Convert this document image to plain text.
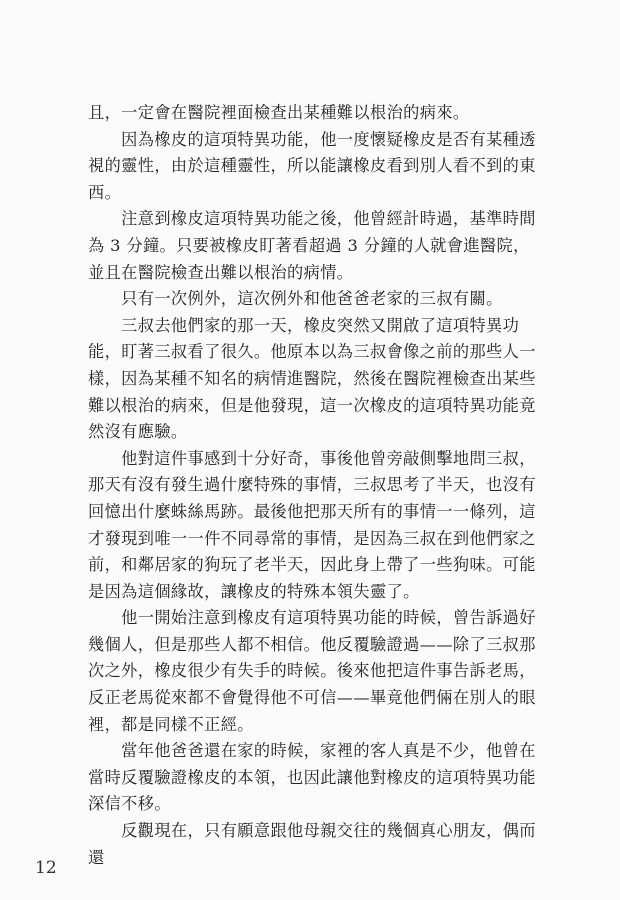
且，一定會在醫院裡面檢查出某種難以根治的病來。

　　因為橡皮的這項特異功能，他一度懷疑橡皮是否有某種透視的靈性，由於這種靈性，所以能讓橡皮看到別人看不到的東西。

　　注意到橡皮這項特異功能之後，他曾經計時過，基準時間為 3 分鐘。只要被橡皮盯著看超過 3 分鐘的人就會進醫院，並且在醫院檢查出難以根治的病情。

　　只有一次例外，這次例外和他爸爸老家的三叔有關。

　　三叔去他們家的那一天，橡皮突然又開啟了這項特異功能，盯著三叔看了很久。他原本以為三叔會像之前的那些人一樣，因為某種不知名的病情進醫院，然後在醫院裡檢查出某些難以根治的病來，但是他發現，這一次橡皮的這項特異功能竟然沒有應驗。

　　他對這件事感到十分好奇，事後他曾旁敲側擊地問三叔，那天有沒有發生過什麼特殊的事情，三叔思考了半天，也沒有回憶出什麼蛛絲馬跡。最後他把那天所有的事情一一條列，這才發現到唯一一件不同尋常的事情，是因為三叔在到他們家之前，和鄰居家的狗玩了老半天，因此身上帶了一些狗味。可能是因為這個緣故，讓橡皮的特殊本領失靈了。

　　他一開始注意到橡皮有這項特異功能的時候，曾告訴過好幾個人，但是那些人都不相信。他反覆驗證過——除了三叔那次之外，橡皮很少有失手的時候。後來他把這件事告訴老馬，反正老馬從來都不會覺得他不可信——畢竟他們倆在別人的眼裡，都是同樣不正經。

　　當年他爸爸還在家的時候，家裡的客人真是不少，他曾在當時反覆驗證橡皮的本領，也因此讓他對橡皮的這項特異功能深信不移。

　　反觀現在，只有願意跟他母親交往的幾個真心朋友，偶而還

12
